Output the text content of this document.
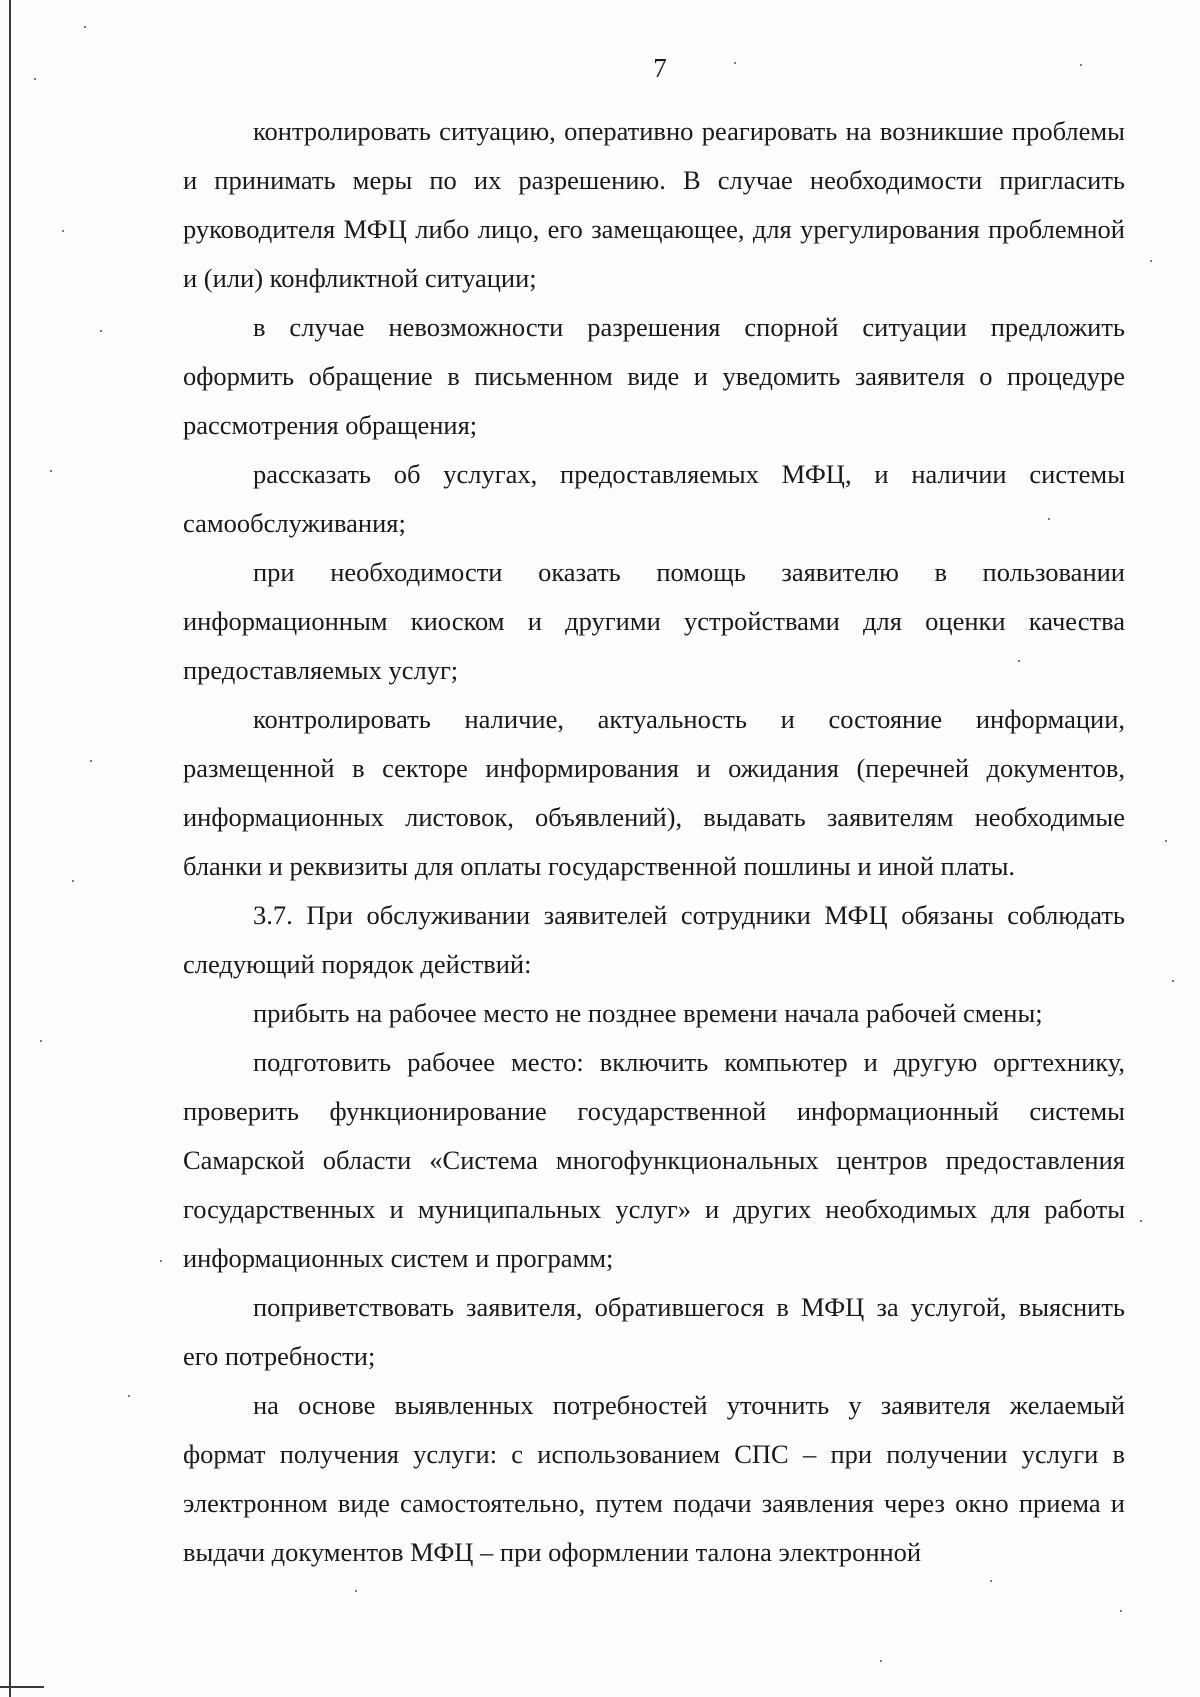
7

контролировать ситуацию, оперативно реагировать на возникшие проблемы и принимать меры по их разрешению. В случае необходимости пригласить руководителя МФЦ либо лицо, его замещающее, для урегулирования проблемной и (или) конфликтной ситуации;

в случае невозможности разрешения спорной ситуации предложить оформить обращение в письменном виде и уведомить заявителя о процедуре рассмотрения обращения;

рассказать об услугах, предоставляемых МФЦ, и наличии системы самообслуживания;

при необходимости оказать помощь заявителю в пользовании информационным киоском и другими устройствами для оценки качества предоставляемых услуг;

контролировать наличие, актуальность и состояние информации, размещенной в секторе информирования и ожидания (перечней документов, информационных листовок, объявлений), выдавать заявителям необходимые бланки и реквизиты для оплаты государственной пошлины и иной платы.

3.7. При обслуживании заявителей сотрудники МФЦ обязаны соблюдать следующий порядок действий:

прибыть на рабочее место не позднее времени начала рабочей смены;

подготовить рабочее место: включить компьютер и другую оргтехнику, проверить функционирование государственной информационный системы Самарской области «Система многофункциональных центров предоставления государственных и муниципальных услуг» и других необходимых для работы информационных систем и программ;

поприветствовать заявителя, обратившегося в МФЦ за услугой, выяснить его потребности;

на основе выявленных потребностей уточнить у заявителя желаемый формат получения услуги: с использованием СПС – при получении услуги в электронном виде самостоятельно, путем подачи заявления через окно приема и выдачи документов МФЦ – при оформлении талона электронной
